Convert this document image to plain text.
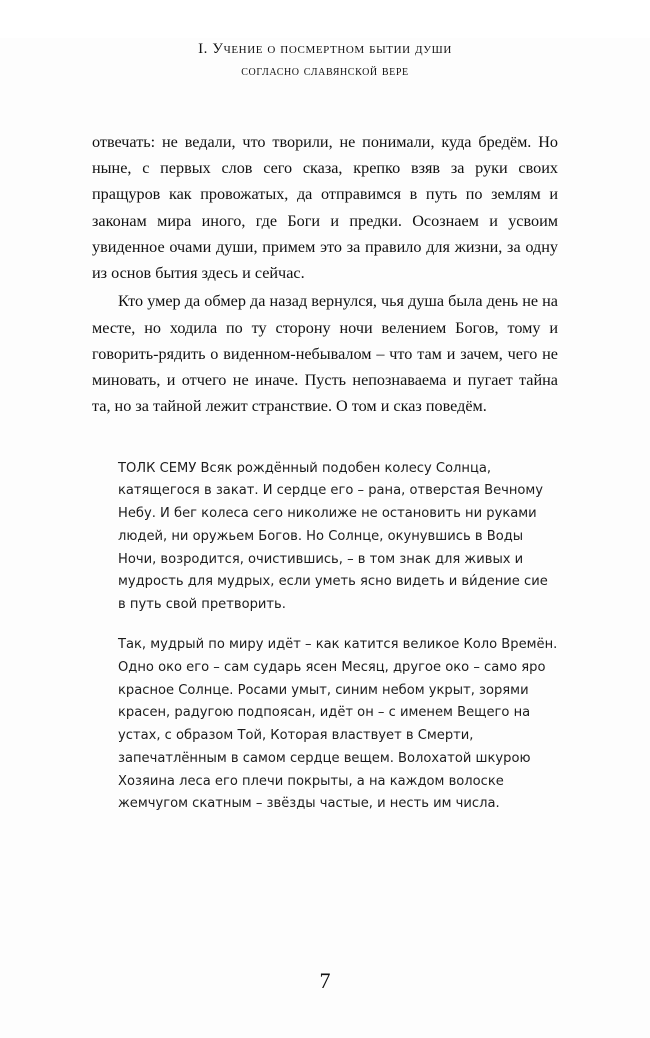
I. Учение о посмертном бытии души
согласно славянской вере

отвечать: не ведали, что творили, не понимали, куда бредём. Но ныне, с первых слов сего сказа, крепко взяв за руки своих пращуров как провожатых, да отправимся в путь по землям и законам мира иного, где Боги и предки. Осознаем и усвоим увиденное очами души, примем это за правило для жизни, за одну из основ бытия здесь и сейчас.

Кто умер да обмер да назад вернулся, чья душа была день не на месте, но ходила по ту сторону ночи велением Богов, тому и говорить-рядить о виденном-небывалом – что там и зачем, чего не миновать, и отчего не иначе. Пусть непознаваема и пугает тайна та, но за тайной лежит странствие. О том и сказ поведём.

ТОЛК СЕМУ Всяк рождённый подобен колесу Солнца, катящегося в закат. И сердце его – рана, отверстая Вечному Небу. И бег колеса сего николиже не остановить ни руками людей, ни оружьем Богов. Но Солнце, окунувшись в Воды Ночи, возродится, очистившись, – в том знак для живых и мудрость для мудрых, если уметь ясно видеть и ви́дение сие в путь свой претворить.

Так, мудрый по миру идёт – как катится великое Коло Времён. Одно око его – сам сударь ясен Месяц, другое око – само яро красное Солнце. Росами умыт, синим небом укрыт, зорями красен, радугою подпоясан, идёт он – с именем Вещего на устах, с образом Той, Которая властвует в Смерти, запечатлённым в самом сердце вещем. Волохатой шкурою Хозяина леса его плечи покрыты, а на каждом волоске жемчугом скатным – звёзды частые, и несть им числа.

7
